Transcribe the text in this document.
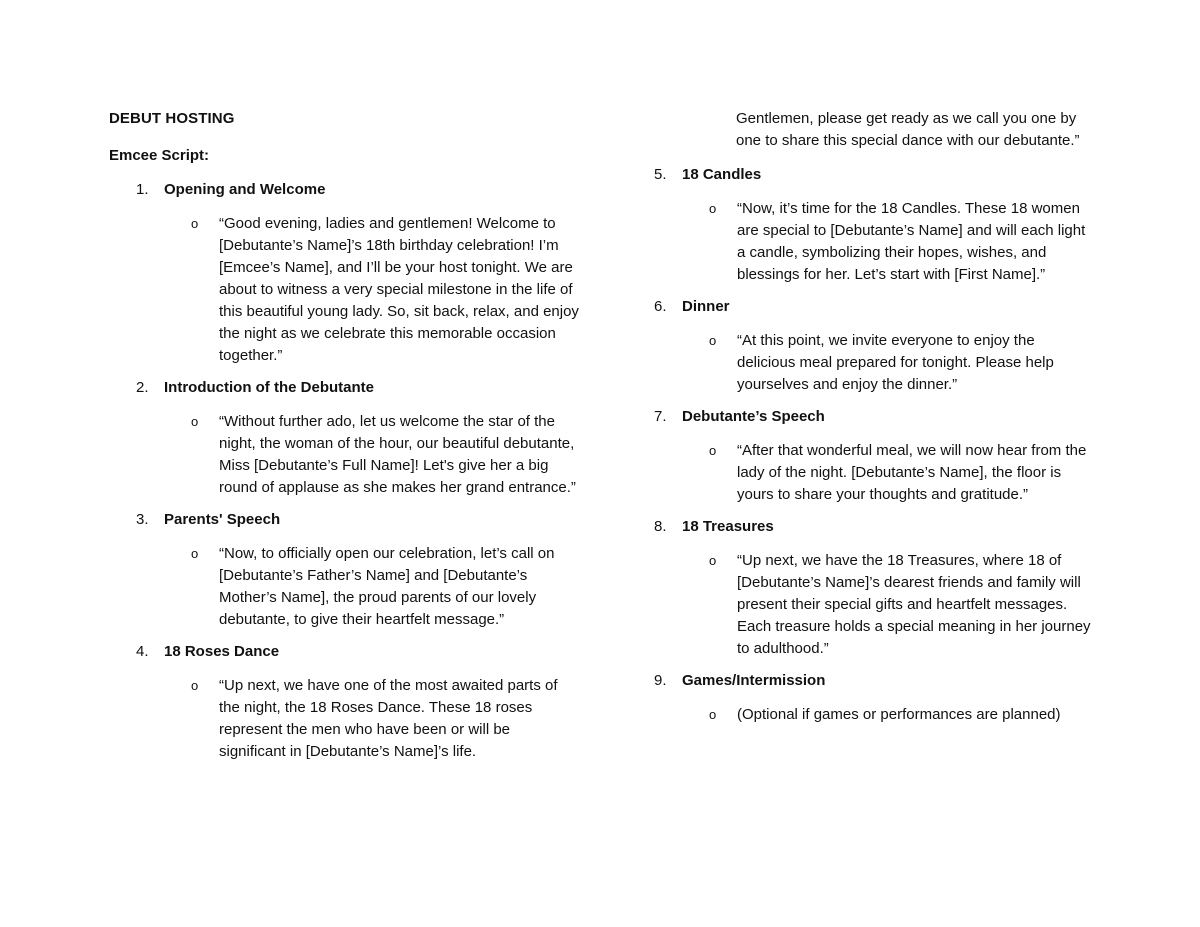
DEBUT HOSTING
Emcee Script:
1.	Opening and Welcome
o	“Good evening, ladies and gentlemen! Welcome to [Debutante’s Name]’s 18th birthday celebration! I’m [Emcee’s Name], and I’ll be your host tonight. We are about to witness a very special milestone in the life of this beautiful young lady. So, sit back, relax, and enjoy the night as we celebrate this memorable occasion together.”
2.	Introduction of the Debutante
o	“Without further ado, let us welcome the star of the night, the woman of the hour, our beautiful debutante, Miss [Debutante’s Full Name]! Let's give her a big round of applause as she makes her grand entrance.”
3.	Parents' Speech
o	“Now, to officially open our celebration, let’s call on [Debutante’s Father’s Name] and [Debutante’s Mother’s Name], the proud parents of our lovely debutante, to give their heartfelt message.”
4.	18 Roses Dance
o	“Up next, we have one of the most awaited parts of the night, the 18 Roses Dance. These 18 roses represent the men who have been or will be significant in [Debutante’s Name]’s life.
Gentlemen, please get ready as we call you one by one to share this special dance with our debutante.”
5.	18 Candles
o	“Now, it’s time for the 18 Candles. These 18 women are special to [Debutante’s Name] and will each light a candle, symbolizing their hopes, wishes, and blessings for her. Let’s start with [First Name].”
6.	Dinner
o	“At this point, we invite everyone to enjoy the delicious meal prepared for tonight. Please help yourselves and enjoy the dinner.”
7.	Debutante’s Speech
o	“After that wonderful meal, we will now hear from the lady of the night. [Debutante’s Name], the floor is yours to share your thoughts and gratitude.”
8.	18 Treasures
o	“Up next, we have the 18 Treasures, where 18 of [Debutante’s Name]’s dearest friends and family will present their special gifts and heartfelt messages. Each treasure holds a special meaning in her journey to adulthood.”
9.	Games/Intermission
o	(Optional if games or performances are planned)
